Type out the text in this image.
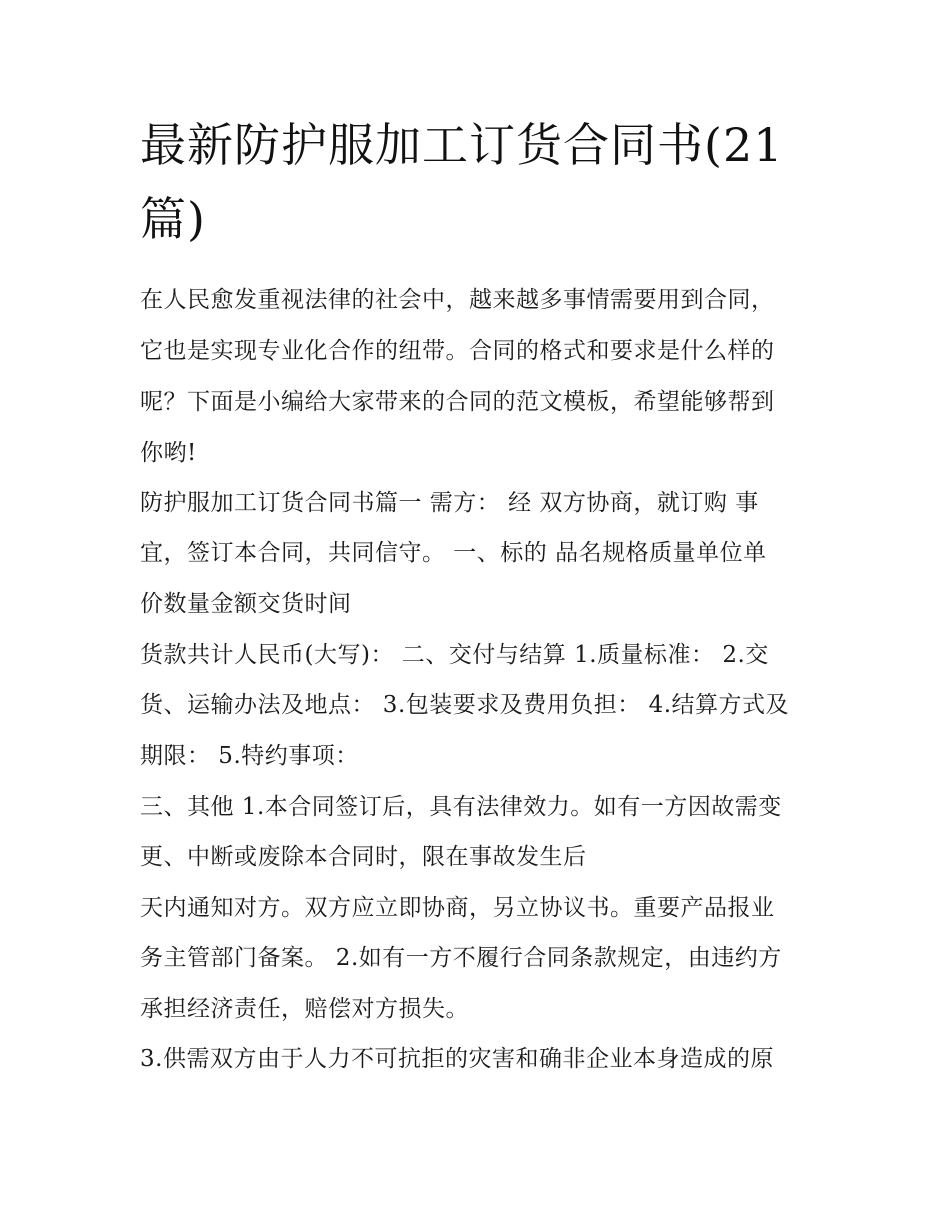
最新防护服加工订货合同书(21
篇)

在人民愈发重视法律的社会中，越来越多事情需要用到合同，

它也是实现专业化合作的纽带。合同的格式和要求是什么样的

呢？下面是小编给大家带来的合同的范文模板，希望能够帮到

你哟!

防护服加工订货合同书篇一 需方： 经 双方协商，就订购 事

宜，签订本合同，共同信守。 一、标的 品名规格质量单位单

价数量金额交货时间

货款共计人民币(大写)： 二、交付与结算 1.质量标准： 2.交

货、运输办法及地点： 3.包装要求及费用负担： 4.结算方式及

期限： 5.特约事项：

三、其他 1.本合同签订后，具有法律效力。如有一方因故需变

更、中断或废除本合同时，限在事故发生后

天内通知对方。双方应立即协商，另立协议书。重要产品报业

务主管部门备案。 2.如有一方不履行合同条款规定，由违约方

承担经济责任，赔偿对方损失。

3.供需双方由于人力不可抗拒的灾害和确非企业本身造成的原
